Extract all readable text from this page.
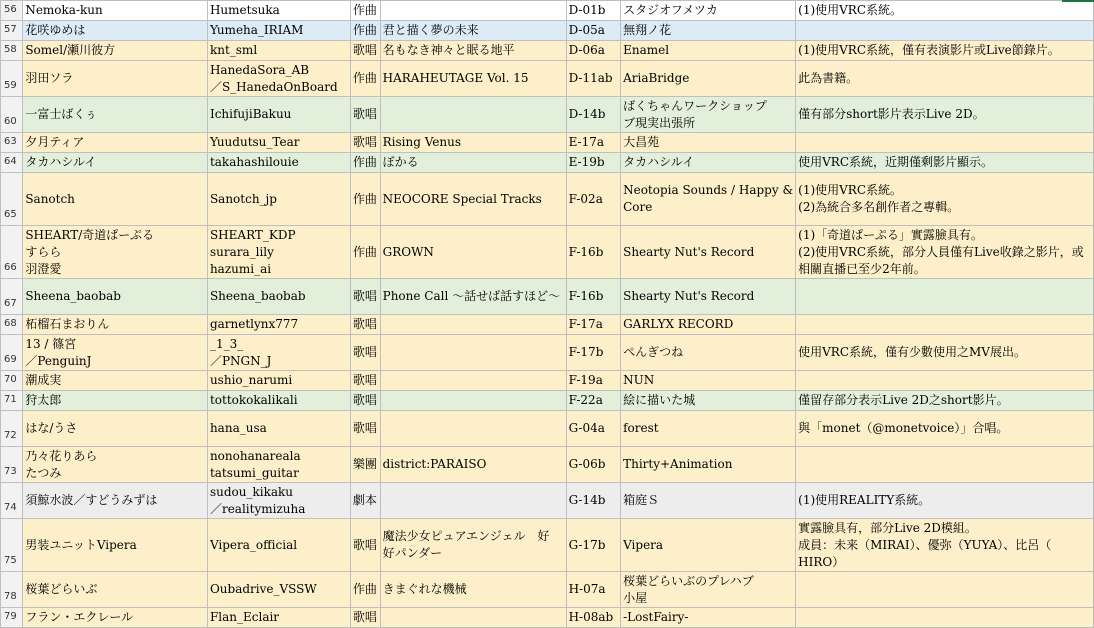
56	Nemoka-kun	Humetsuka	作曲		D-01b	スタジオフメツカ	(1)使用VRC系統。

57	花咲ゆめは	Yumeha_IRIAM	作曲	君と描く夢の未来	D-05a	無翔ノ花	

58	Somel/瀬川彼方	knt_sml	歌唱	名もなき神々と眠る地平	D-06a	Enamel	(1)使用VRC系統，僅有表演影片或Live節錄片。

59	羽田ソラ	HanedaSora_AB
／S_HanedaOnBoard	作曲	HARAHEUTAGE Vol. 15	D-11ab	AriaBridge	此為書籍。

60	一富士ばくぅ	IchifujiBakuu	歌唱		D-14b	ばくちゃんワークショップ
ブ現実出張所	僅有部分short影片表示Live 2D。

63	夕月ティア	Yuudutsu_Tear	歌唱	Rising Venus	E-17a	大昌苑	

64	タカハシルイ	takahashilouie	作曲	ぼかる	E-19b	タカハシルイ	使用VRC系統，近期僅剩影片顯示。

65	Sanotch	Sanotch_jp	作曲	NEOCORE Special Tracks	F-02a	Neotopia Sounds / Happy &
Core	(1)使用VRC系統。
(2)為統合多名創作者之專輯。

66	SHEART/奇道ぱーぷる
すらら
羽澄愛	SHEART_KDP
surara_lily
hazumi_ai	作曲	GROWN	F-16b	Shearty Nut's Record	(1)「奇道ぱーぷる」實露臉具有。
(2)使用VRC系統，部分人員僅有Live收錄之影片，或
相關直播已至少2年前。

67	Sheena_baobab	Sheena_baobab	歌唱	Phone Call ～話せば話すほど～	F-16b	Shearty Nut's Record	

68	柘榴石まおりん	garnetlynx777	歌唱		F-17a	GARLYX RECORD	

69	13 / 篠宮
／PenguinJ	_1_3_
／PNGN_J	歌唱		F-17b	ぺんぎつね	使用VRC系統，僅有少數使用之MV展出。

70	潮成実	ushio_narumi	歌唱		F-19a	NUN	

71	狩太郎	tottokokalikali	歌唱		F-22a	絵に描いた城	僅留存部分表示Live 2D之short影片。

72	はな/うさ	hana_usa	歌唱		G-04a	forest	與「monet（@monetvoice）」合唱。

73	乃々花りあら
たつみ	nonohanareala
tatsumi_guitar	樂團	district:PARAISO	G-06b	Thirty+Animation	

74	須鯨水波／すどうみずは	sudou_kikaku
／realitymizuha	劇本		G-14b	箱庭Ｓ	(1)使用REALITY系統。

75	男装ユニットVipera	Vipera_official	歌唱	魔法少女ピュアエンジェル　好
好パンダー	G-17b	Vipera	實露臉具有，部分Live 2D模組。
成員：未来（MIRAI）、優弥（YUYA）、比呂（
HIRO）

78	桜葉どらいぶ	Oubadrive_VSSW	作曲	きまぐれな機械	H-07a	桜葉どらいぶのプレハブ
小屋	

79	フラン・エクレール	Flan_Eclair	歌唱		H-08ab	-LostFairy-	
